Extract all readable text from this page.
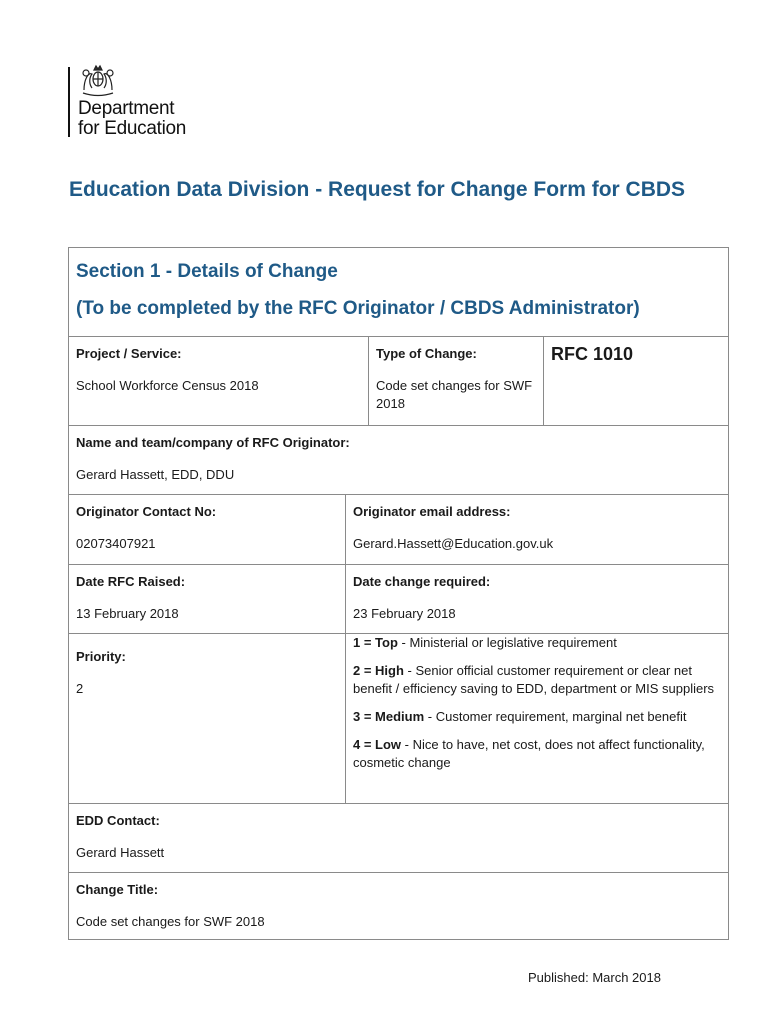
Department
for Education
Education Data Division - Request for Change Form for CBDS
Section 1 - Details of Change
(To be completed by the RFC Originator / CBDS Administrator)
Project / Service:
School Workforce Census 2018
Type of Change:
Code set changes for SWF 2018
RFC 1010
Name and team/company of RFC Originator:
Gerard Hassett, EDD, DDU
Originator Contact No:
02073407921
Originator email address:
Gerard.Hassett@Education.gov.uk
Date RFC Raised:
13 February 2018
Date change required:
23 February 2018
Priority:
2

1 = Top - Ministerial or legislative requirement

2 = High - Senior official customer requirement or clear net benefit / efficiency saving to EDD, department or MIS suppliers

3 = Medium - Customer requirement, marginal net benefit

4 = Low - Nice to have, net cost, does not affect functionality, cosmetic change

EDD Contact:
Gerard Hassett
Change Title:
Code set changes for SWF 2018
Published: March 2018
